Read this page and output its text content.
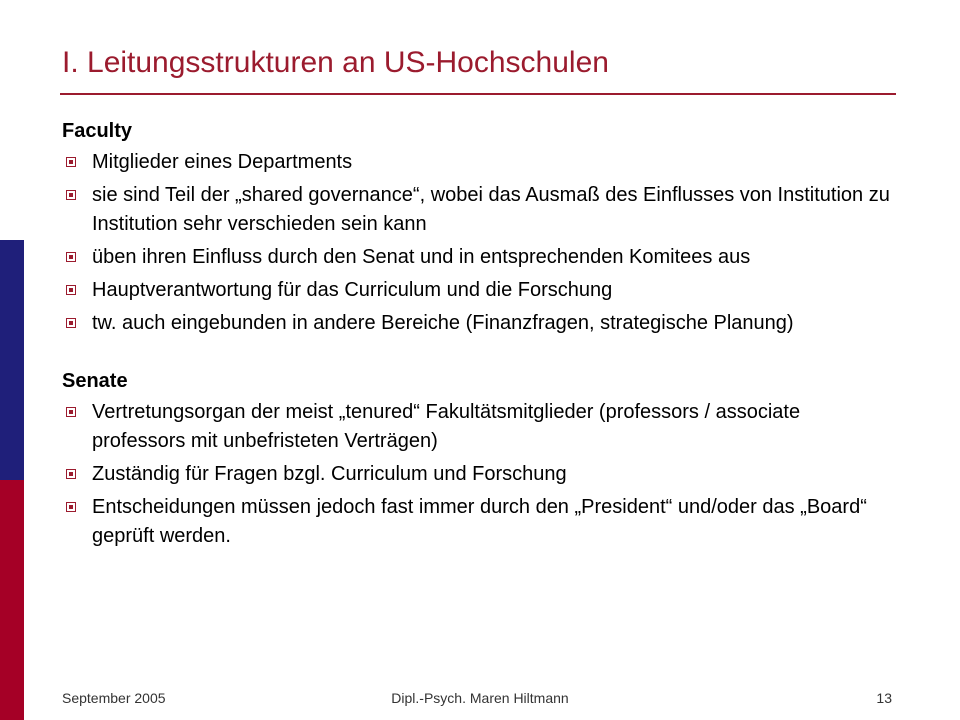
I. Leitungsstrukturen an US-Hochschulen
Faculty
Mitglieder eines Departments
sie sind Teil der „shared governance“, wobei das Ausmaß des Einflusses von Institution zu Institution sehr verschieden sein kann
üben ihren Einfluss durch den Senat und in entsprechenden Komitees aus
Hauptverantwortung für das Curriculum und die Forschung
tw. auch eingebunden in andere Bereiche (Finanzfragen, strategische Planung)
Senate
Vertretungsorgan der meist „tenured“ Fakultätsmitglieder (professors / associate professors mit unbefristeten Verträgen)
Zuständig für Fragen bzgl. Curriculum und Forschung
Entscheidungen müssen jedoch fast immer durch den „President“ und/oder das „Board“ geprüft werden.
September 2005	Dipl.-Psych. Maren Hiltmann	13
